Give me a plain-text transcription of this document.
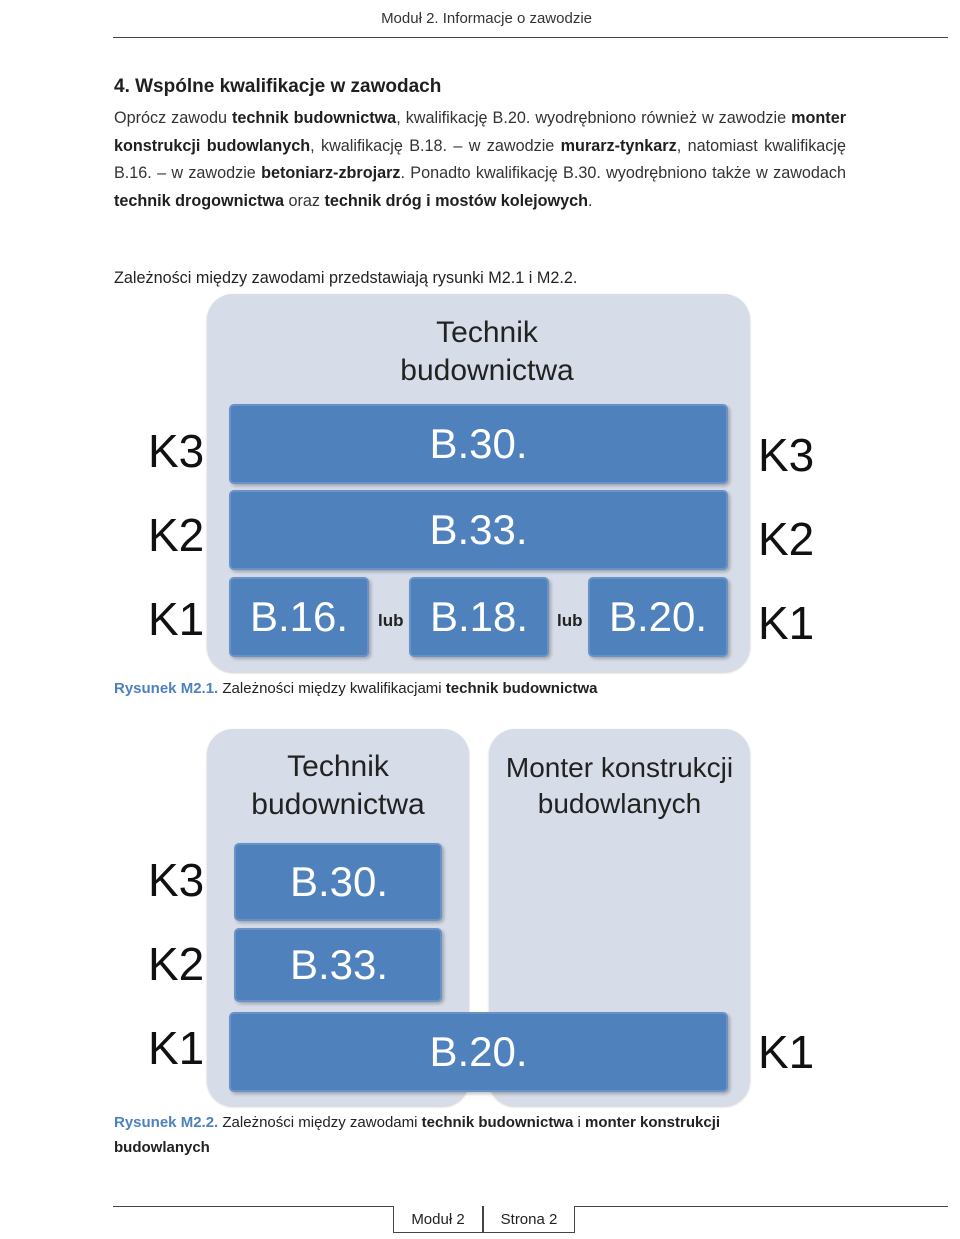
Moduł 2. Informacje o zawodzie
4. Wspólne kwalifikacje w zawodach
Oprócz zawodu technik budownictwa, kwalifikację B.20. wyodrębniono również w zawodzie monter konstrukcji budowlanych, kwalifikację B.18. – w zawodzie murarz-tynkarz, natomiast kwalifikację B.16. – w zawodzie betoniarz-zbrojarz. Ponadto kwalifikację B.30. wyodrębniono także w zawodach technik drogownictwa oraz technik dróg i mostów kolejowych.
Zależności między zawodami przedstawiają rysunki M2.1 i M2.2.
Technik
budownictwa
B.30.
B.33.
B.16.	lub B.18.	lub B.20.
K3
K2
K1
K3
K2
K1
Rysunek M2.1. Zależności między kwalifikacjami technik budownictwa
Technik
budownictwa
Monter konstrukcji
budowlanych
B.30.
B.33.
B.20.
K3
K2
K1	K1
Rysunek M2.2. Zależności między zawodami technik budownictwa i monter konstrukcji
budowlanych
Moduł 2	Strona 2
